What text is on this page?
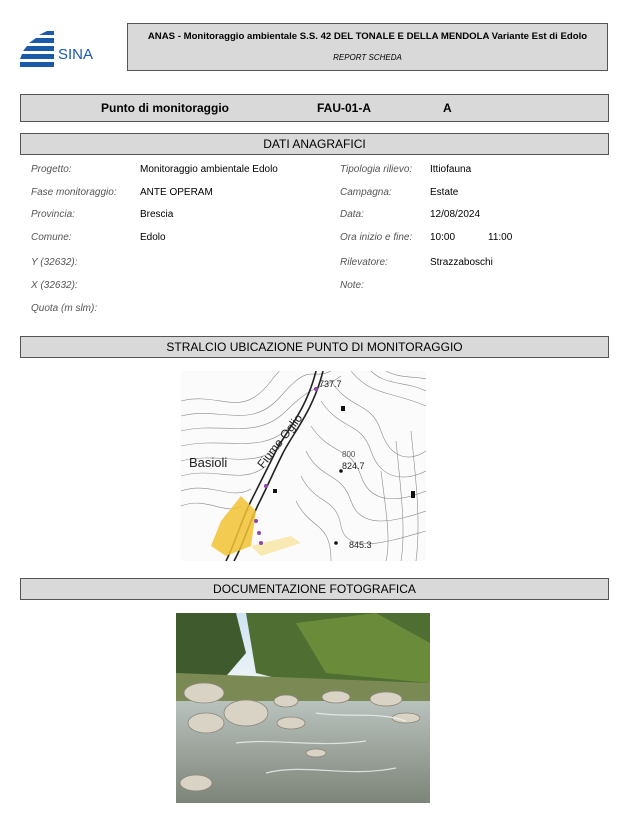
SINA
ANAS - Monitoraggio ambientale S.S. 42 DEL TONALE E DELLA MENDOLA Variante Est di Edolo
REPORT SCHEDA
Punto di monitoraggio	FAU-01-A	A
DATI ANAGRAFICI
Progetto:	Monitoraggio ambientale Edolo
Fase monitoraggio: ANTE OPERAM
Provincia:	Brescia
Comune:	Edolo
Y (32632):
X (32632):
Quota (m slm):
Tipologia rilievo: Ittiofauna
Campagna:	Estate
Data:	12/08/2024
Ora inizio e fine: 10:00	11:00
Rilevatore:	Strazzaboschi
Note:
STRALCIO UBICAZIONE PUNTO DI MONITORAGGIO
Basioli Fiume Oglio
737.7
824.7
845.3
800
DOCUMENTAZIONE FOTOGRAFICA
